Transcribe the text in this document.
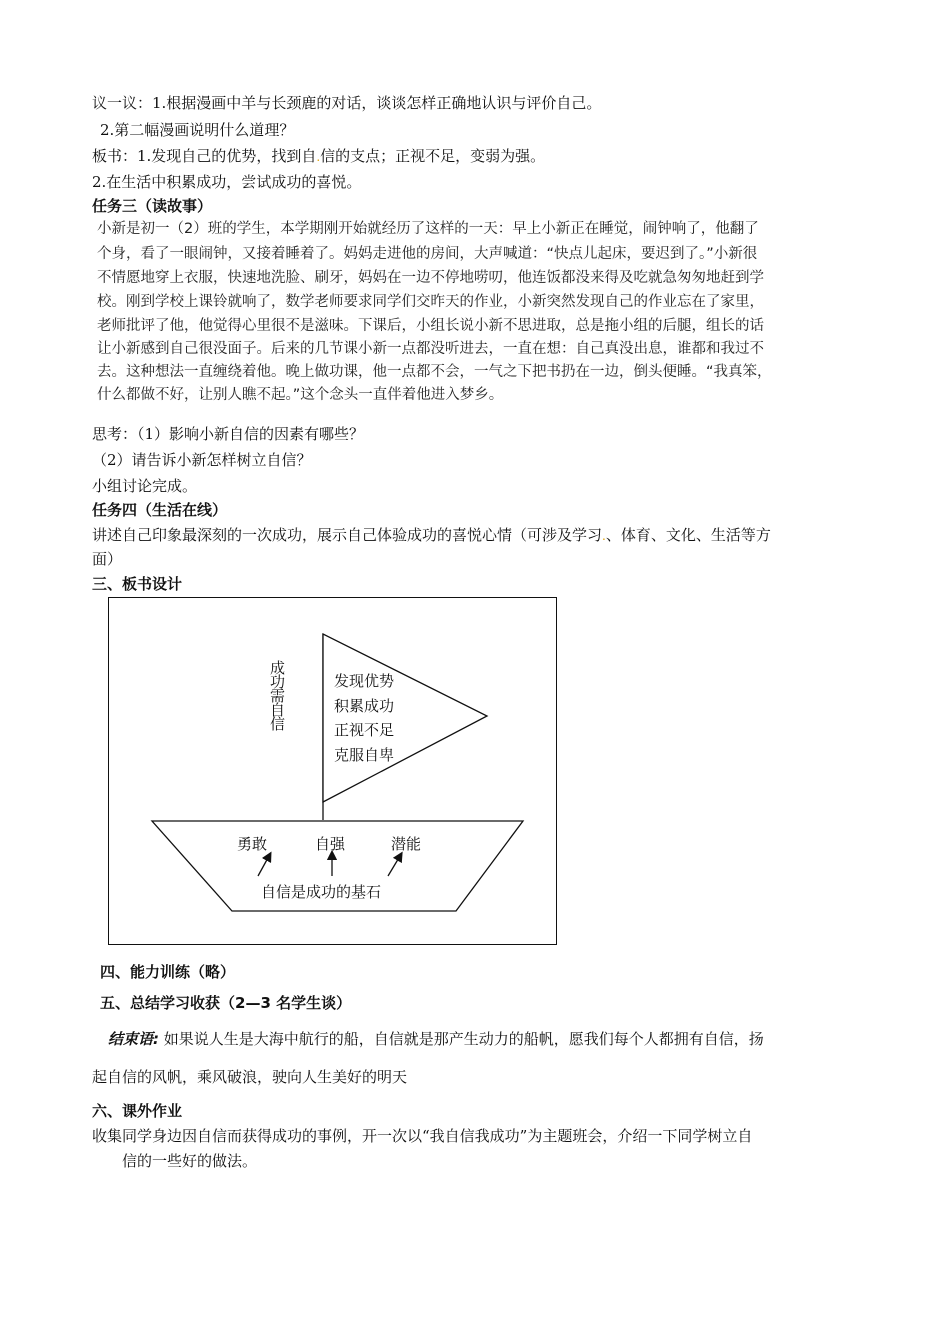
议一议：1.根据漫画中羊与长颈鹿的对话，谈谈怎样正确地认识与评价自己。
2.第二幅漫画说明什么道理？
板书：1.发现自己的优势，找到自.信的支点；正视不足，变弱为强。
2.在生活中积累成功，尝试成功的喜悦。
任务三（读故事）
小新是初一（2）班的学生，本学期刚开始就经历了这样的一天：早上小新正在睡觉，闹钟响了，他翻了
个身，看了一眼闹钟，又接着睡着了。妈妈走进他的房间，大声喊道：“快点儿起床，要迟到了。”小新很
不情愿地穿上衣服，快速地洗脸、刷牙，妈妈在一边不停地唠叨，他连饭都没来得及吃就急匆匆地赶到学
校。刚到学校上课铃就响了，数学老师要求同学们交昨天的作业，小新突然发现自己的作业忘在了家里，
老师批评了他，他觉得心里很不是滋味。下课后，小组长说小新不思进取，总是拖小组的后腿，组长的话
让小新感到自己很没面子。后来的几节课小新一点都没听进去，一直在想：自己真没出息，谁都和我过不
去。这种想法一直缠绕着他。晚上做功课，他一点都不会，一气之下把书扔在一边，倒头便睡。“我真笨，
什么都做不好，让别人瞧不起。”这个念头一直伴着他进入梦乡。
思考：（1）影响小新自信的因素有哪些？
（2）请告诉小新怎样树立自信？
小组讨论完成。
任务四（生活在线）
讲述自己印象最深刻的一次成功，展示自己体验成功的喜悦心情（可涉及学习.、体育、文化、生活等方
面）
三、板书设计
成功需自信	发现优势
积累成功
正视不足
克服自卑
勇敢	自强	潜能
自信是成功的基石
四、能力训练（略）
五、总结学习收获（2—3 名学生谈）
结束语: 如果说人生是大海中航行的船，自信就是那产生动力的船帆，愿我们每个人都拥有自信，扬
起自信的风帆，乘风破浪，驶向人生美好的明天
六、课外作业
收集同学身边因自信而获得成功的事例，开一次以“我自信我成功”为主题班会，介绍一下同学树立自
信的一些好的做法。
